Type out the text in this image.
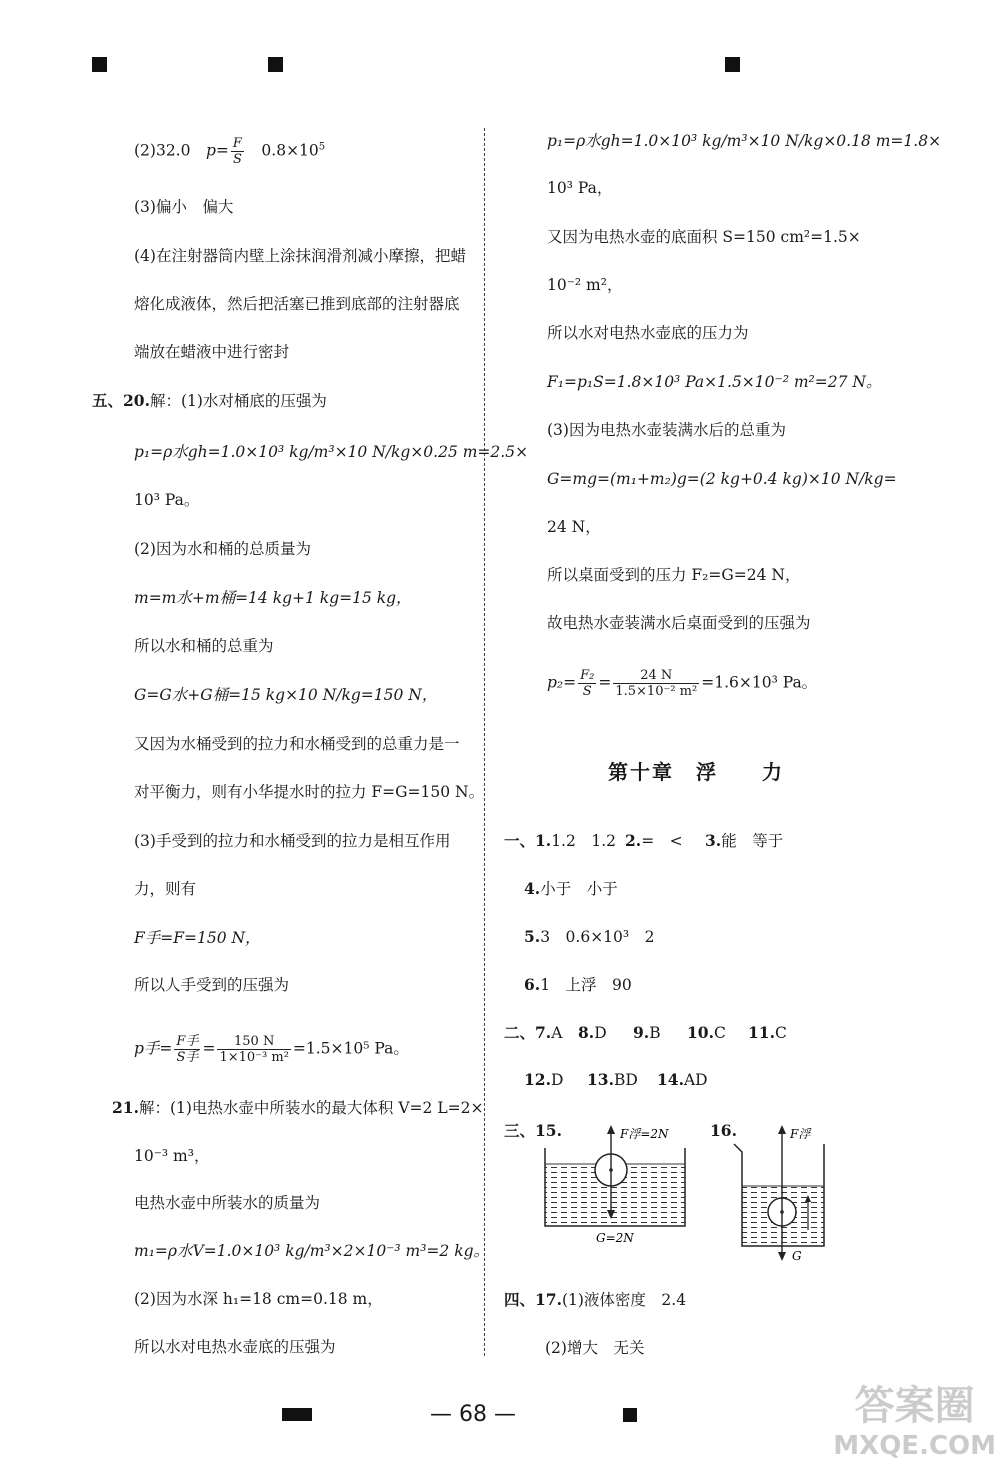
(2)32.0　$p= \frac{F}{S}$ 　$0.8\times 10^5$
(3)偏小　偏大
(4)在注射器筒内壁上涂抹润滑剂减小摩擦，把蜡
熔化成液体，然后把活塞已推到底部的注射器底
端放在蜡液中进行密封
五、20.解：(1)水对桶底的压强为
p₁=ρ水gh=1.0×10³ kg/m³×10 N/kg×0.25 m=2.5×
10³ Pa。
(2)因为水和桶的总质量为
m=m水+m桶=14 kg+1 kg=15 kg，
所以水和桶的总重为
G=G水+G桶=15 kg×10 N/kg=150 N，
又因为水桶受到的拉力和水桶受到的总重力是一
对平衡力，则有小华提水时的拉力 F=G=150 N。
(3)手受到的拉力和水桶受到的拉力是相互作用
力，则有
F手=F=150 N，
所以人手受到的压强为
p手= $\frac{\text{F手}}{\text{S手}} = \frac{150 N}{\text{1×10⁻³ m²}} =1.5\times 10^5$ Pa。
21.解：(1)电热水壶中所装水的最大体积 V=2 L=2×
10⁻³ m³，
电热水壶中所装水的质量为
m₁=ρ水V=1.0×10³ kg/m³×2×10⁻³ m³=2 kg。
(2)因为水深 h₁=18 cm=0.18 m，
所以水对电热水壶底的压强为
p₁=ρ水gh=1.0×10³ kg/m³×10 N/kg×0.18 m=1.8×
10³ Pa，
又因为电热水壶的底面积 S=150 cm²=1.5×
10⁻² m²，
所以水对电热水壶底的压力为
F₁=p₁S=1.8×10³ Pa×1.5×10⁻² m²=27 N。
(3)因为电热水壶装满水后的总重为
G=mg=(m₁+m₂)g=(2 kg+0.4 kg)×10 N/kg=
24 N，
所以桌面受到的压力 F₂=G=24 N，
故电热水壶装满水后桌面受到的压强为
$p_2= \frac{\text{F₂}}{S} = \frac{24 N}{\text{1.5×10⁻² m²}} =1.6\times 10^3$ Pa。
第十章　浮　　力
一、1.1.2　1.2 2.=　< 3.能　等于
4.小于　小于
5.3　0.6×10³　2
6.1　上浮　90
二、7.A 8.D 9.B 10.C 11.C
12.D 13.BD 14.AD
三、15.	16.
F浮=2N
G=2N
F浮
G
四、17.(1)液体密度　2.4
(2)增大　无关
— 68 —	答案圈
MXQE.COM
